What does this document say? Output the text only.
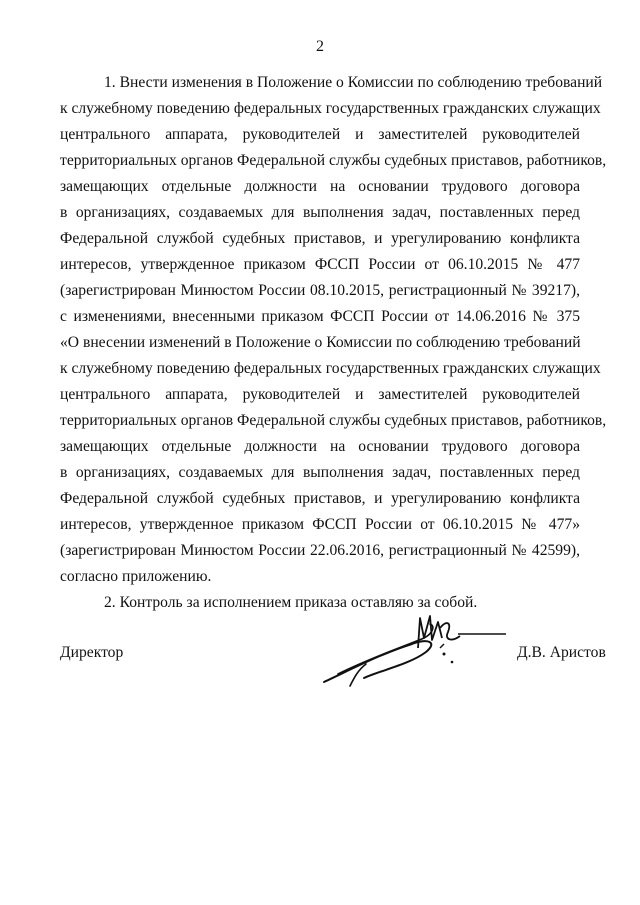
2
1. Внести изменения в Положение о Комиссии по соблюдению требований
к служебному поведению федеральных государственных гражданских служащих
центрального аппарата, руководителей и заместителей руководителей
территориальных органов Федеральной службы судебных приставов, работников,
замещающих отдельные должности на основании трудового договора
в организациях, создаваемых для выполнения задач, поставленных перед
Федеральной службой судебных приставов, и урегулированию конфликта
интересов, утвержденное приказом ФССП России от 06.10.2015 № 477
(зарегистрирован Минюстом России 08.10.2015, регистрационный № 39217),
с изменениями, внесенными приказом ФССП России от 14.06.2016 № 375
«О внесении изменений в Положение о Комиссии по соблюдению требований
к служебному поведению федеральных государственных гражданских служащих
центрального аппарата, руководителей и заместителей руководителей
территориальных органов Федеральной службы судебных приставов, работников,
замещающих отдельные должности на основании трудового договора
в организациях, создаваемых для выполнения задач, поставленных перед
Федеральной службой судебных приставов, и урегулированию конфликта
интересов, утвержденное приказом ФССП России от 06.10.2015 № 477»
(зарегистрирован Минюстом России 22.06.2016, регистрационный № 42599),
согласно приложению.
2. Контроль за исполнением приказа оставляю за собой.
Директор	Д.В. Аристов
